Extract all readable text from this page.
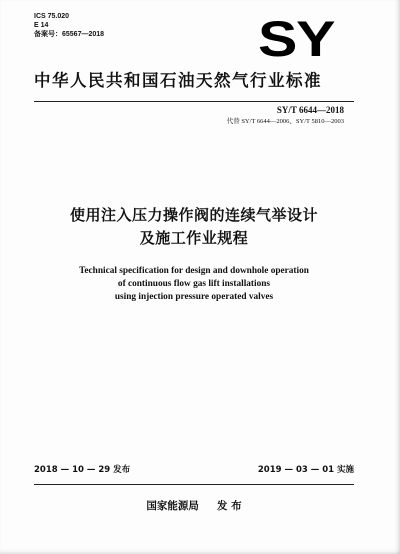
ICS 75.020
E 14
备案号：65567—2018	SY
中华人民共和国石油天然气行业标准
SY/T 6644—2018
代替 SY/T 6644—2006、SY/T 5810—2003
使用注入压力操作阀的连续气举设计
及施工作业规程
Technical specification for design and downhole operation
of continuous flow gas lift installations
using injection pressure operated valves
2018 — 10 — 29 发布	2019 — 03 — 01 实施
国家能源局 发 布
